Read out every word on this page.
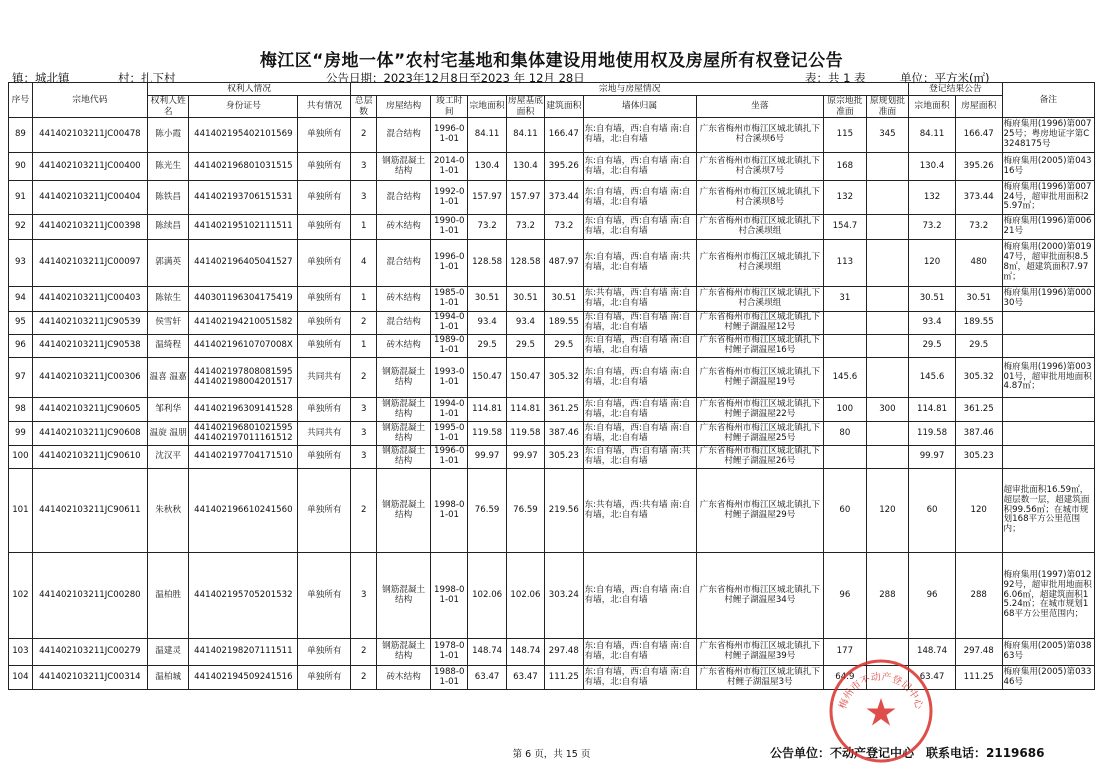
梅江区“房地一体”农村宅基地和集体建设用地使用权及房屋所有权登记公告
镇：城北镇	村：扎下村	公告日期：2023年12月8日至2023 年 12月 28日	表：共 1 表	单位：平方米(㎡)
序号	宗地代码	权利人情况			宗地与房屋情况										登记结果公告		备注
		权利人姓名	身份证号	共有情况	总层数	房屋结构	竣工时间	宗地面积	房屋基底面积	建筑面积	墙体归属	坐落	原宗地批准面	原规划批准面	宗地面积	房屋面积	
89	441402103211JC00478	陈小霞	441402195402101569	单独所有	2	混合结构	1996-01-01	84.11	84.11	166.47	东:自有墙，西:自有墙 南:自有墙，北:自有墙	广东省梅州市梅江区城北镇扎下村合溪坝6号	115	345	84.11	166.47	梅府集用(1996)第00725号；粤房地证字第C3248175号
90	441402103211JC00400	陈光生	441402196801031515	单独所有	3	钢筋混凝土结构	2014-01-01	130.4	130.4	395.26	东:自有墙，西:自有墙 南:自有墙，北:自有墙	广东省梅州市梅江区城北镇扎下村合溪坝7号	168		130.4	395.26	梅府集用(2005)第04316号
91	441402103211JC00404	陈铁昌	441402193706151531	单独所有	3	混合结构	1992-01-01	157.97	157.97	373.44	东:自有墙，西:自有墙 南:自有墙，北:自有墙	广东省梅州市梅江区城北镇扎下村合溪坝8号	132		132	373.44	梅府集用(1996)第00724号，超审批用面积25.97㎡；
92	441402103211JC00398	陈续昌	441402195102111511	单独所有	1	砖木结构	1990-01-01	73.2	73.2	73.2	东:自有墙，西:自有墙 南:自有墙，北:自有墙	广东省梅州市梅江区城北镇扎下村合溪坝组	154.7		73.2	73.2	梅府集用(1996)第00621号
93	441402103211JC00097	郭满英	441402196405041527	单独所有	4	混合结构	1996-01-01	128.58	128.58	487.97	东:自有墙，西:自有墙 南:共有墙，北:自有墙	广东省梅州市梅江区城北镇扎下村合溪坝组	113		120	480	梅府集用(2000)第01947号，超审批面积8.58㎡，超建筑面积7.97㎡；
94	441402103211JC00403	陈铱生	440301196304175419	单独所有	1	砖木结构	1985-01-01	30.51	30.51	30.51	东:共有墙，西:自有墙 南:自有墙，北:自有墙	广东省梅州市梅江区城北镇扎下村合溪坝组	31		30.51	30.51	梅府集用(1996)第00030号
95	441402103211JC90539	侯雪轩	441402194210051582	单独所有	2	混合结构	1994-01-01	93.4	93.4	189.55	东:自有墙，西:自有墙 南:自有墙，北:自有墙	广东省梅州市梅江区城北镇扎下村鲤子湖温屋12号			93.4	189.55	
96	441402103211JC90538	温绮程	44140219610707008X	单独所有	1	砖木结构	1989-01-01	29.5	29.5	29.5	东:自有墙，西:自有墙 南:自有墙，北:自有墙	广东省梅州市梅江区城北镇扎下村鲤子湖温屋16号			29.5	29.5	
97	441402103211JC00306	温喜 温嘉	441402197808081595 441402198004201517	共同共有	2	钢筋混凝土结构	1993-01-01	150.47	150.47	305.32	东:自有墙，西:自有墙 南:自有墙，北:自有墙	广东省梅州市梅江区城北镇扎下村鲤子湖温屋19号	145.6		145.6	305.32	梅府集用(1996)第00301号，超审批用地面积4.87㎡；
98	441402103211JC90605	邹利华	441402196309141528	单独所有	3	钢筋混凝土结构	1994-01-01	114.81	114.81	361.25	东:自有墙，西:自有墙 南:自有墙，北:自有墙	广东省梅州市梅江区城北镇扎下村鲤子湖温屋22号	100	300	114.81	361.25	
99	441402103211JC90608	温旋 温朋	441402196801021595 441402197011161512	共同共有	3	钢筋混凝土结构	1995-01-01	119.58	119.58	387.46	东:自有墙，西:自有墙 南:自有墙，北:自有墙	广东省梅州市梅江区城北镇扎下村鲤子湖温屋25号	80		119.58	387.46	
100	441402103211JC90610	沈汉平	441402197704171510	单独所有	3	钢筋混凝土结构	1996-01-01	99.97	99.97	305.23	东:自有墙，西:自有墙 南:共有墙，北:自有墙	广东省梅州市梅江区城北镇扎下村鲤子湖温屋26号			99.97	305.23	
101	441402103211JC90611	朱秋秋	441402196610241560	单独所有	2	钢筋混凝土结构	1998-01-01	76.59	76.59	219.56	东:共有墙，西:共有墙 南:自有墙，北:自有墙	广东省梅州市梅江区城北镇扎下村鲤子湖温屋29号	60	120	60	120	超审批面积16.59㎡，超层数一层，超建筑面积99.56㎡；在城市规划168平方公里范围内；
102	441402103211JC00280	温柏胜	441402195705201532	单独所有	3	钢筋混凝土结构	1998-01-01	102.06	102.06	303.24	东:自有墙，西:自有墙 南:自有墙，北:自有墙	广东省梅州市梅江区城北镇扎下村鲤子湖温屋34号	96	288	96	288	梅府集用(1997)第01292号，超审批用地面积6.06㎡，超建筑面积15.24㎡；在城市规划168平方公里范围内；
103	441402103211JC00279	温建灵	441402198207111511	单独所有	2	钢筋混凝土结构	1978-01-01	148.74	148.74	297.48	东:自有墙，西:自有墙 南:自有墙，北:自有墙	广东省梅州市梅江区城北镇扎下村鲤子湖温屋39号	177		148.74	297.48	梅府集用(2005)第03863号
104	441402103211JC00314	温柏城	441402194509241516	单独所有	2	砖木结构	1988-01-01	63.47	63.47	111.25	东:自有墙，西:自有墙 南:自有墙，北:自有墙	广东省梅州市梅江区城北镇扎下村鲤子湖温屋3号	64.9		63.47	111.25	梅府集用(2005)第03346号
第 6 页，共 15 页	公告单位：不动产登记中心　联系电话：2119686
梅州市不动产登记中心
